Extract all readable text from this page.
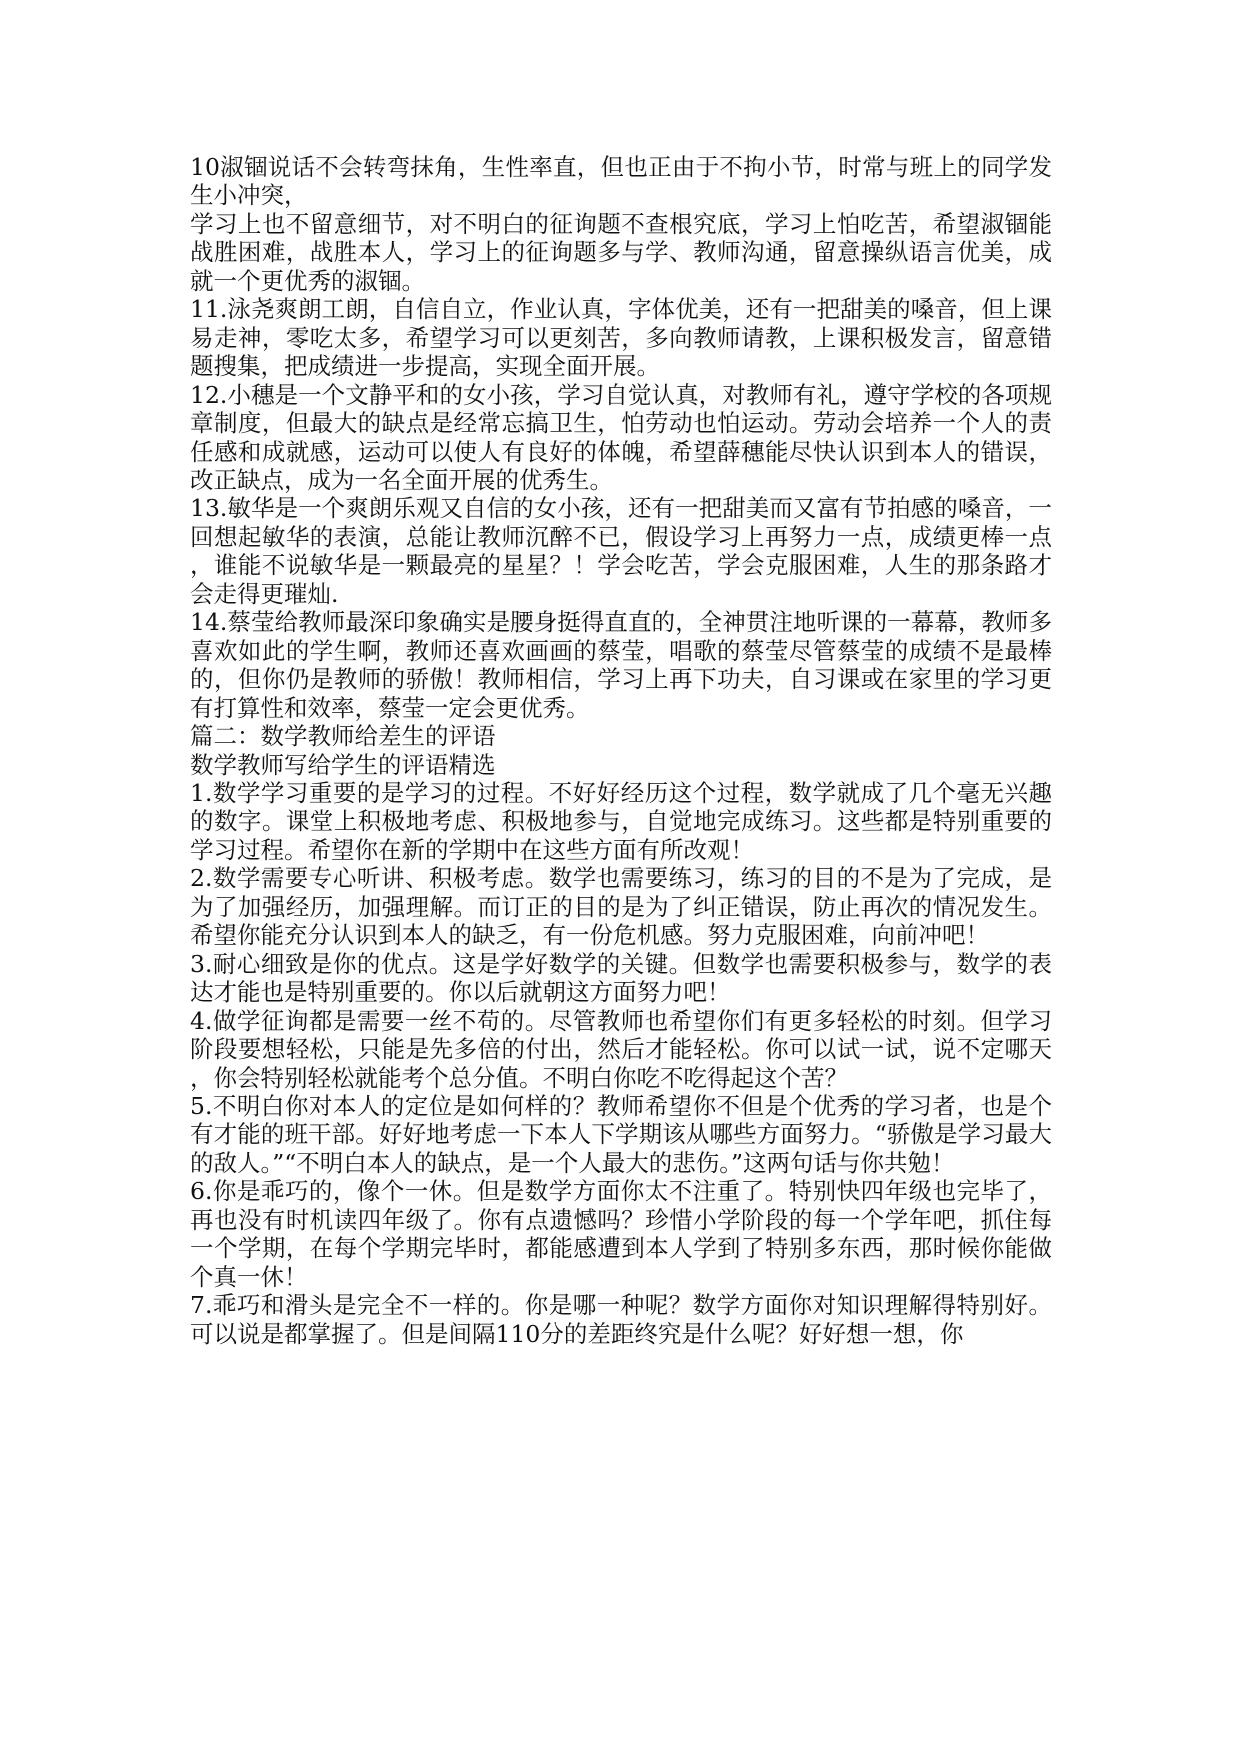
10淑锢说话不会转弯抹角，生性率直，但也正由于不拘小节，时常与班上的同学发生小冲突，

学习上也不留意细节，对不明白的征询题不查根究底，学习上怕吃苦，希望淑锢能战胜困难，战胜本人，学习上的征询题多与学、教师沟通，留意操纵语言优美，成就一个更优秀的淑锢。

11.泳尧爽朗工朗，自信自立，作业认真，字体优美，还有一把甜美的嗓音，但上课易走神，零吃太多，希望学习可以更刻苦，多向教师请教，上课积极发言，留意错题搜集，把成绩进一步提高，实现全面开展。

12.小穗是一个文静平和的女小孩，学习自觉认真，对教师有礼，遵守学校的各项规章制度，但最大的缺点是经常忘搞卫生，怕劳动也怕运动。劳动会培养一个人的责任感和成就感，运动可以使人有良好的体魄，希望薛穗能尽快认识到本人的错误，改正缺点，成为一名全面开展的优秀生。

13.敏华是一个爽朗乐观又自信的女小孩，还有一把甜美而又富有节拍感的嗓音，一回想起敏华的表演，总能让教师沉醉不已，假设学习上再努力一点，成绩更棒一点，谁能不说敏华是一颗最亮的星星？！学会吃苦，学会克服困难，人生的那条路才会走得更璀灿.

14.蔡莹给教师最深印象确实是腰身挺得直直的，全神贯注地听课的一幕幕，教师多喜欢如此的学生啊，教师还喜欢画画的蔡莹，唱歌的蔡莹尽管蔡莹的成绩不是最棒的，但你仍是教师的骄傲！教师相信，学习上再下功夫，自习课或在家里的学习更有打算性和效率，蔡莹一定会更优秀。

篇二：数学教师给差生的评语

数学教师写给学生的评语精选

1.数学学习重要的是学习的过程。不好好经历这个过程，数学就成了几个毫无兴趣的数字。课堂上积极地考虑、积极地参与，自觉地完成练习。这些都是特别重要的学习过程。希望你在新的学期中在这些方面有所改观！

2.数学需要专心听讲、积极考虑。数学也需要练习，练习的目的不是为了完成，是为了加强经历，加强理解。而订正的目的是为了纠正错误，防止再次的情况发生。希望你能充分认识到本人的缺乏，有一份危机感。努力克服困难，向前冲吧！

3.耐心细致是你的优点。这是学好数学的关键。但数学也需要积极参与，数学的表达才能也是特别重要的。你以后就朝这方面努力吧！

4.做学征询都是需要一丝不苟的。尽管教师也希望你们有更多轻松的时刻。但学习阶段要想轻松，只能是先多倍的付出，然后才能轻松。你可以试一试，说不定哪天，你会特别轻松就能考个总分值。不明白你吃不吃得起这个苦？

5.不明白你对本人的定位是如何样的？教师希望你不但是个优秀的学习者，也是个有才能的班干部。好好地考虑一下本人下学期该从哪些方面努力。“骄傲是学习最大的敌人。”“不明白本人的缺点，是一个人最大的悲伤。”这两句话与你共勉！

6.你是乖巧的，像个一休。但是数学方面你太不注重了。特别快四年级也完毕了，再也没有时机读四年级了。你有点遗憾吗？珍惜小学阶段的每一个学年吧，抓住每一个学期，在每个学期完毕时，都能感遭到本人学到了特别多东西，那时候你能做个真一休！

7.乖巧和滑头是完全不一样的。你是哪一种呢？数学方面你对知识理解得特别好。可以说是都掌握了。但是间隔110分的差距终究是什么呢？好好想一想，你
